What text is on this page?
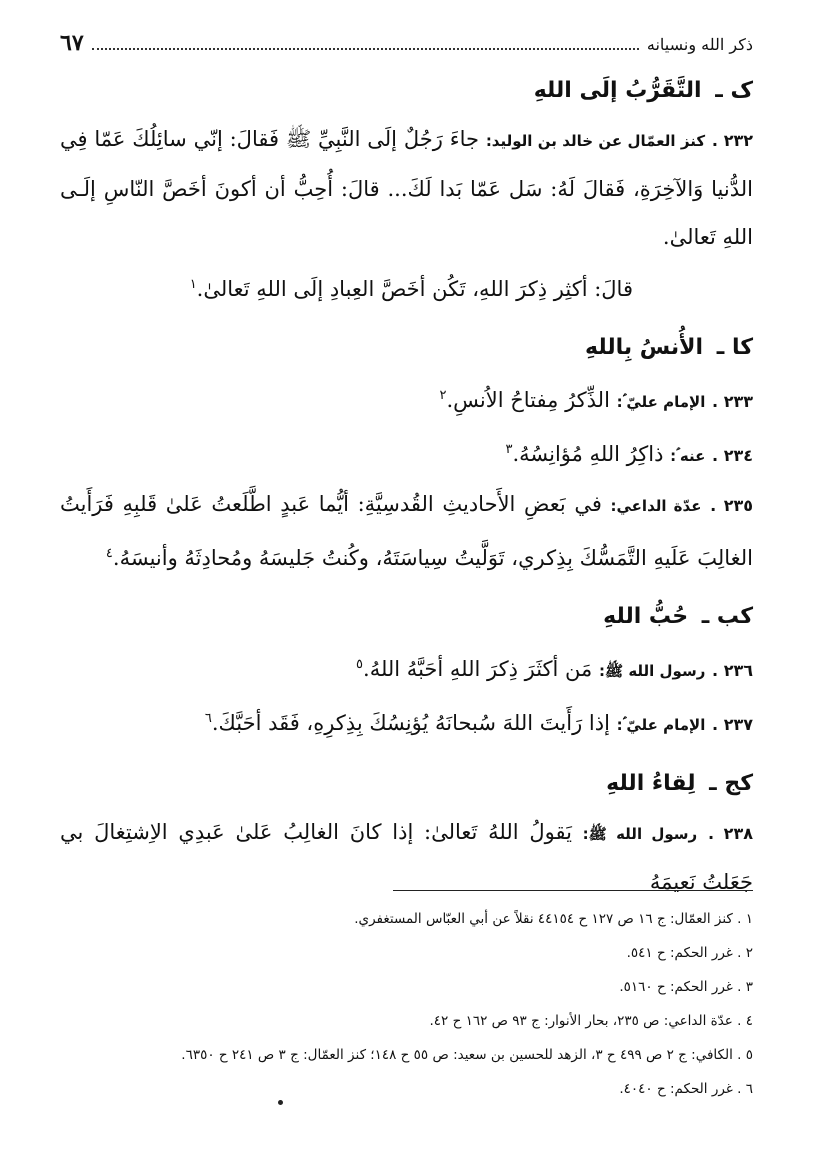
ذكر الله ونسيانه
٦٧
ک ـ التَّقَرُّبُ إلَى اللهِ

٢٣٢ . كنز العمّال عن خالد بن الوليد: جاءَ رَجُلٌ إلَى النَّبِيِّ ﷺ فَقالَ: إنّي سائِلُكَ عَمّا فِي الدُّنيا وَالآخِرَةِ، فَقالَ لَهُ: سَل عَمّا بَدا لَكَ... قالَ: أُحِبُّ أن أكونَ أخَصَّ النّاسِ إلَـى اللهِ تَعالىٰ.

قالَ: أكثِر ذِكرَ اللهِ، تَكُن أخَصَّ العِبادِ إلَى اللهِ تَعالىٰ.$^١$

كا ـ الأُنسُ بِاللهِ

٢٣٣ . الإمام عليّ ؑ: الذِّكرُ مِفتاحُ الاُنسِ.$^٢$

٢٣٤ . عنه ؑ: ذاكِرُ اللهِ مُؤانِسُهُ.$^٣$

٢٣٥ . عدّة الداعي: في بَعضِ الأَحاديثِ القُدسِيَّةِ: أيُّما عَبدٍ اطَّلَعتُ عَلىٰ قَلبِهِ فَرَأَيتُ الغالِبَ عَلَيهِ التَّمَسُّكَ بِذِكري، تَوَلَّيتُ سِياسَتَهُ، وكُنتُ جَليسَهُ ومُحادِثَهُ وأنيسَهُ.$^٤$

كب ـ حُبُّ اللهِ

٢٣٦ . رسول الله ﷺ: مَن أكثَرَ ذِكرَ اللهِ أحَبَّهُ اللهُ.$^٥$

٢٣٧ . الإمام عليّ ؑ: إذا رَأَيتَ اللهَ سُبحانَهُ يُؤنِسُكَ بِذِكرِهِ، فَقَد أحَبَّكَ.$^٦$

كج ـ لِقاءُ اللهِ

٢٣٨ . رسول الله ﷺ: يَقولُ اللهُ تَعالىٰ: إذا كانَ الغالِبُ عَلىٰ عَبدِي الاِشتِغالَ بي جَعَلتُ نَعيمَهُ

١ . كنز العمّال: ج ١٦ ص ١٢٧ ح ٤٤١٥٤ نقلاً عن أبي العبّاس المستغفري.

٢ . غرر الحكم: ح ٥٤١.

٣ . غرر الحكم: ح ٥١٦٠.

٤ . عدّة الداعي: ص ٢٣٥، بحار الأنوار: ج ٩٣ ص ١٦٢ ح ٤٢.

٥ . الكافي: ج ٢ ص ٤٩٩ ح ٣، الزهد للحسين بن سعيد: ص ٥٥ ح ١٤٨؛ كنز العمّال: ج ٣ ص ٢٤١ ح ٦٣٥٠.

٦ . غرر الحكم: ح ٤٠٤٠.
